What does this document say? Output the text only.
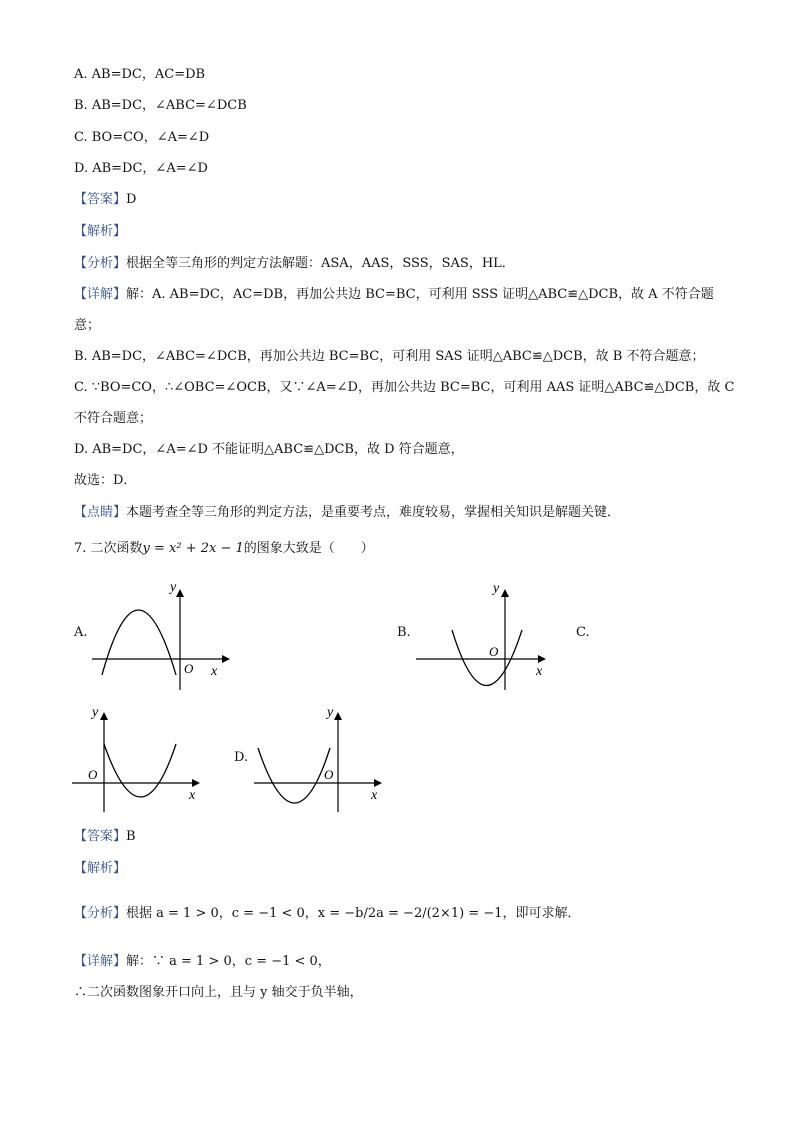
A. AB=DC，AC=DB
B. AB=DC，∠ABC=∠DCB
C. BO=CO，∠A=∠D
D. AB=DC，∠A=∠D
【答案】D
【解析】
【分析】根据全等三角形的判定方法解题：ASA，AAS，SSS，SAS，HL．
【详解】解：A. AB=DC，AC=DB，再加公共边 BC=BC，可利用 SSS 证明△ABC≌△DCB，故 A 不符合题
意；
B. AB=DC，∠ABC=∠DCB，再加公共边 BC=BC，可利用 SAS 证明△ABC≌△DCB，故 B 不符合题意；
C. ∵BO=CO，∴∠OBC=∠OCB，又∵∠A=∠D，再加公共边 BC=BC，可利用 AAS 证明△ABC≌△DCB，故 C
不符合题意；
D. AB=DC，∠A=∠D 不能证明△ABC≌△DCB，故 D 符合题意，
故选：D．
【点睛】本题考查全等三角形的判定方法，是重要考点，难度较易，掌握相关知识是解题关键．
7. 二次函数y = x² + 2x − 1的图象大致是（　　）
A.
O x
y
B.
O
x
y
C.
O
x
y
D.
O
x
y
【答案】B
【解析】
【分析】根据 a = 1 > 0，c = −1 < 0，x = −b/2a = −2/(2×1) = −1，即可求解．
【详解】解：∵ a = 1 > 0，c = −1 < 0，
∴二次函数图象开口向上，且与 y 轴交于负半轴，
